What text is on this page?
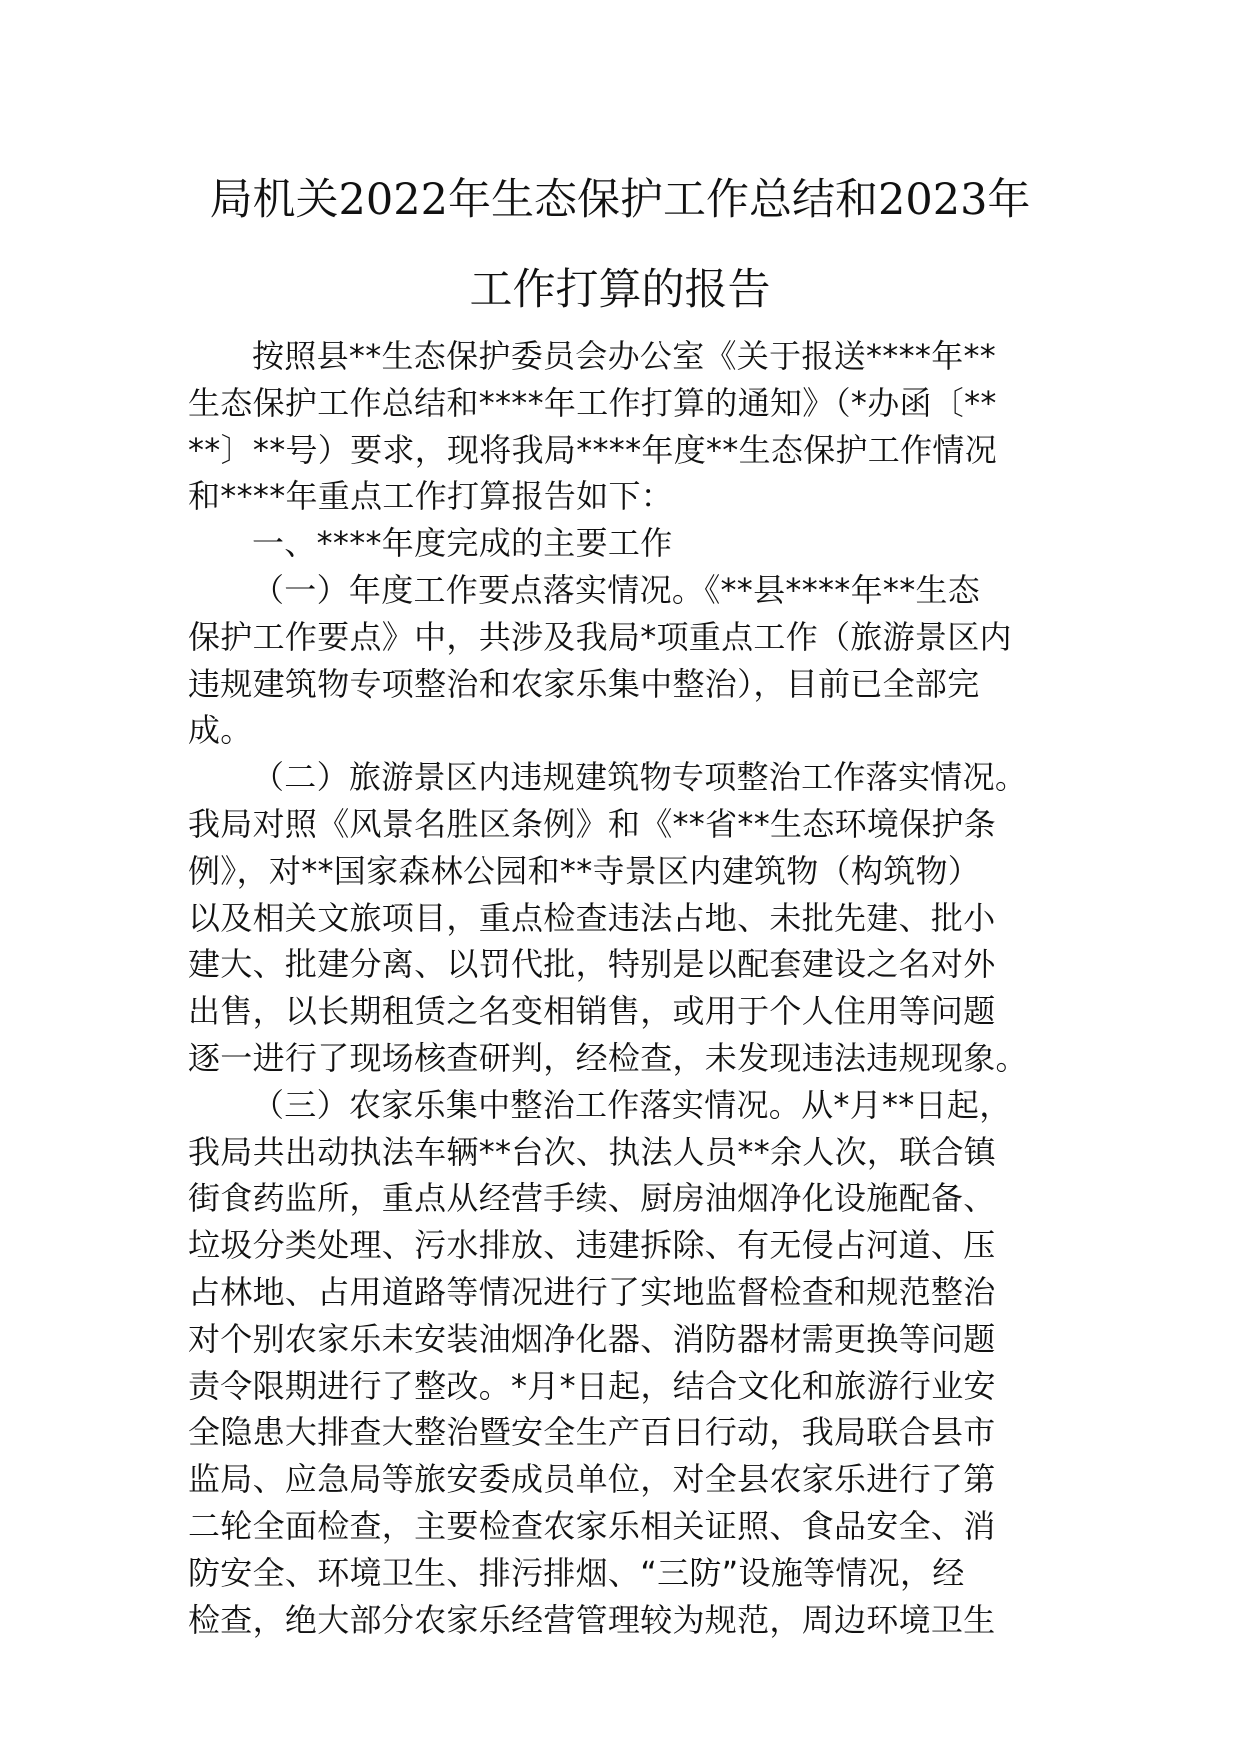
局机关2022年生态保护工作总结和2023年
工作打算的报告
按照县**生态保护委员会办公室《关于报送****年**
生态保护工作总结和****年工作打算的通知》（*办函〔**
**〕**号）要求，现将我局****年度**生态保护工作情况
和****年重点工作打算报告如下：
一、****年度完成的主要工作
（一）年度工作要点落实情况。《**县****年**生态
保护工作要点》中，共涉及我局*项重点工作（旅游景区内
违规建筑物专项整治和农家乐集中整治），目前已全部完
成。
（二）旅游景区内违规建筑物专项整治工作落实情况。
我局对照《风景名胜区条例》和《**省**生态环境保护条
例》，对**国家森林公园和**寺景区内建筑物（构筑物）
以及相关文旅项目，重点检查违法占地、未批先建、批小
建大、批建分离、以罚代批，特别是以配套建设之名对外
出售，以长期租赁之名变相销售，或用于个人住用等问题
逐一进行了现场核查研判，经检查，未发现违法违规现象。
（三）农家乐集中整治工作落实情况。从*月**日起，
我局共出动执法车辆**台次、执法人员**余人次，联合镇
街食药监所，重点从经营手续、厨房油烟净化设施配备、
垃圾分类处理、污水排放、违建拆除、有无侵占河道、压
占林地、占用道路等情况进行了实地监督检查和规范整治
对个别农家乐未安装油烟净化器、消防器材需更换等问题
责令限期进行了整改。*月*日起，结合文化和旅游行业安
全隐患大排查大整治暨安全生产百日行动，我局联合县市
监局、应急局等旅安委成员单位，对全县农家乐进行了第
二轮全面检查，主要检查农家乐相关证照、食品安全、消
防安全、环境卫生、排污排烟、“三防”设施等情况，经
检查，绝大部分农家乐经营管理较为规范，周边环境卫生
